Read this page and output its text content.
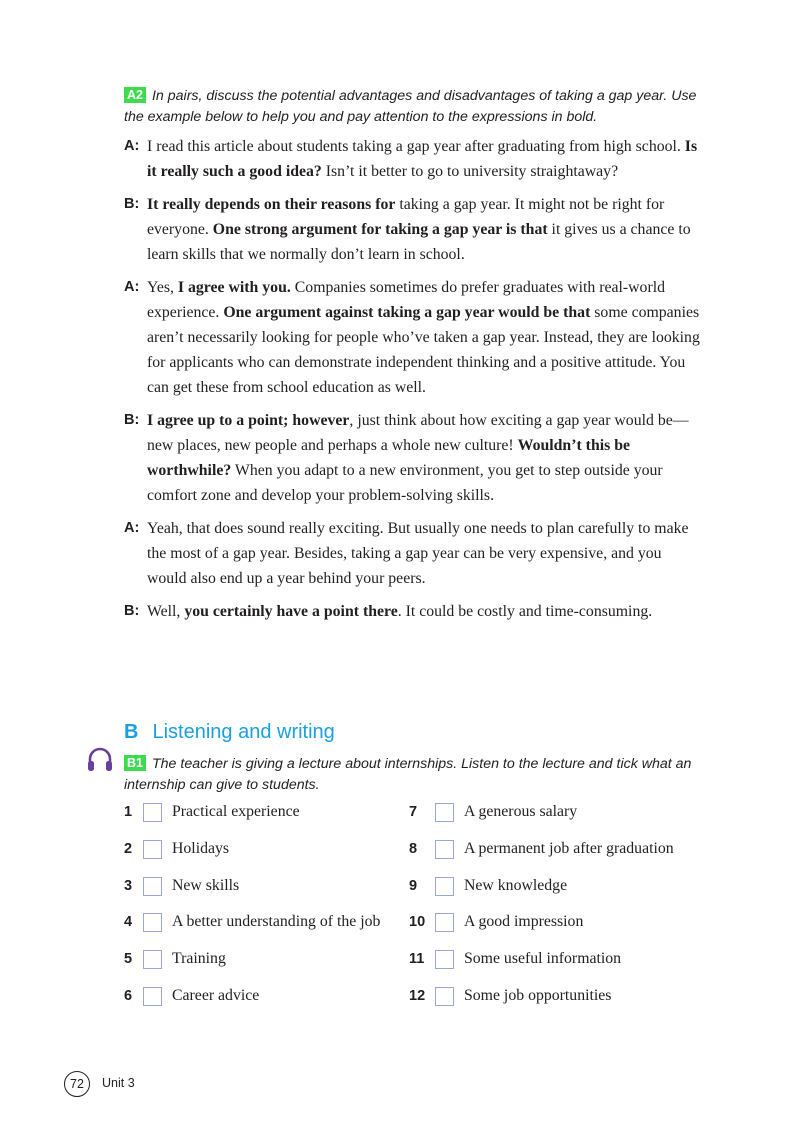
A2 In pairs, discuss the potential advantages and disadvantages of taking a gap year. Use the example below to help you and pay attention to the expressions in bold.
A: I read this article about students taking a gap year after graduating from high school. Is it really such a good idea? Isn’t it better to go to university straightaway?
B: It really depends on their reasons for taking a gap year. It might not be right for everyone. One strong argument for taking a gap year is that it gives us a chance to learn skills that we normally don’t learn in school.
A: Yes, I agree with you. Companies sometimes do prefer graduates with real-world experience. One argument against taking a gap year would be that some companies aren’t necessarily looking for people who’ve taken a gap year. Instead, they are looking for applicants who can demonstrate independent thinking and a positive attitude. You can get these from school education as well.
B: I agree up to a point; however, just think about how exciting a gap year would be—new places, new people and perhaps a whole new culture! Wouldn’t this be worthwhile? When you adapt to a new environment, you get to step outside your comfort zone and develop your problem-solving skills.
A: Yeah, that does sound really exciting. But usually one needs to plan carefully to make the most of a gap year. Besides, taking a gap year can be very expensive, and you would also end up a year behind your peers.
B: Well, you certainly have a point there. It could be costly and time-consuming.
B Listening and writing
B1 The teacher is giving a lecture about internships. Listen to the lecture and tick what an internship can give to students.
1	Practical experience
2	Holidays
3	New skills
4	A better understanding of the job
5	Training
6	Career advice
7	A generous salary
8	A permanent job after graduation
9	New knowledge
10	A good impression
11	Some useful information
12	Some job opportunities
72	Unit 3
